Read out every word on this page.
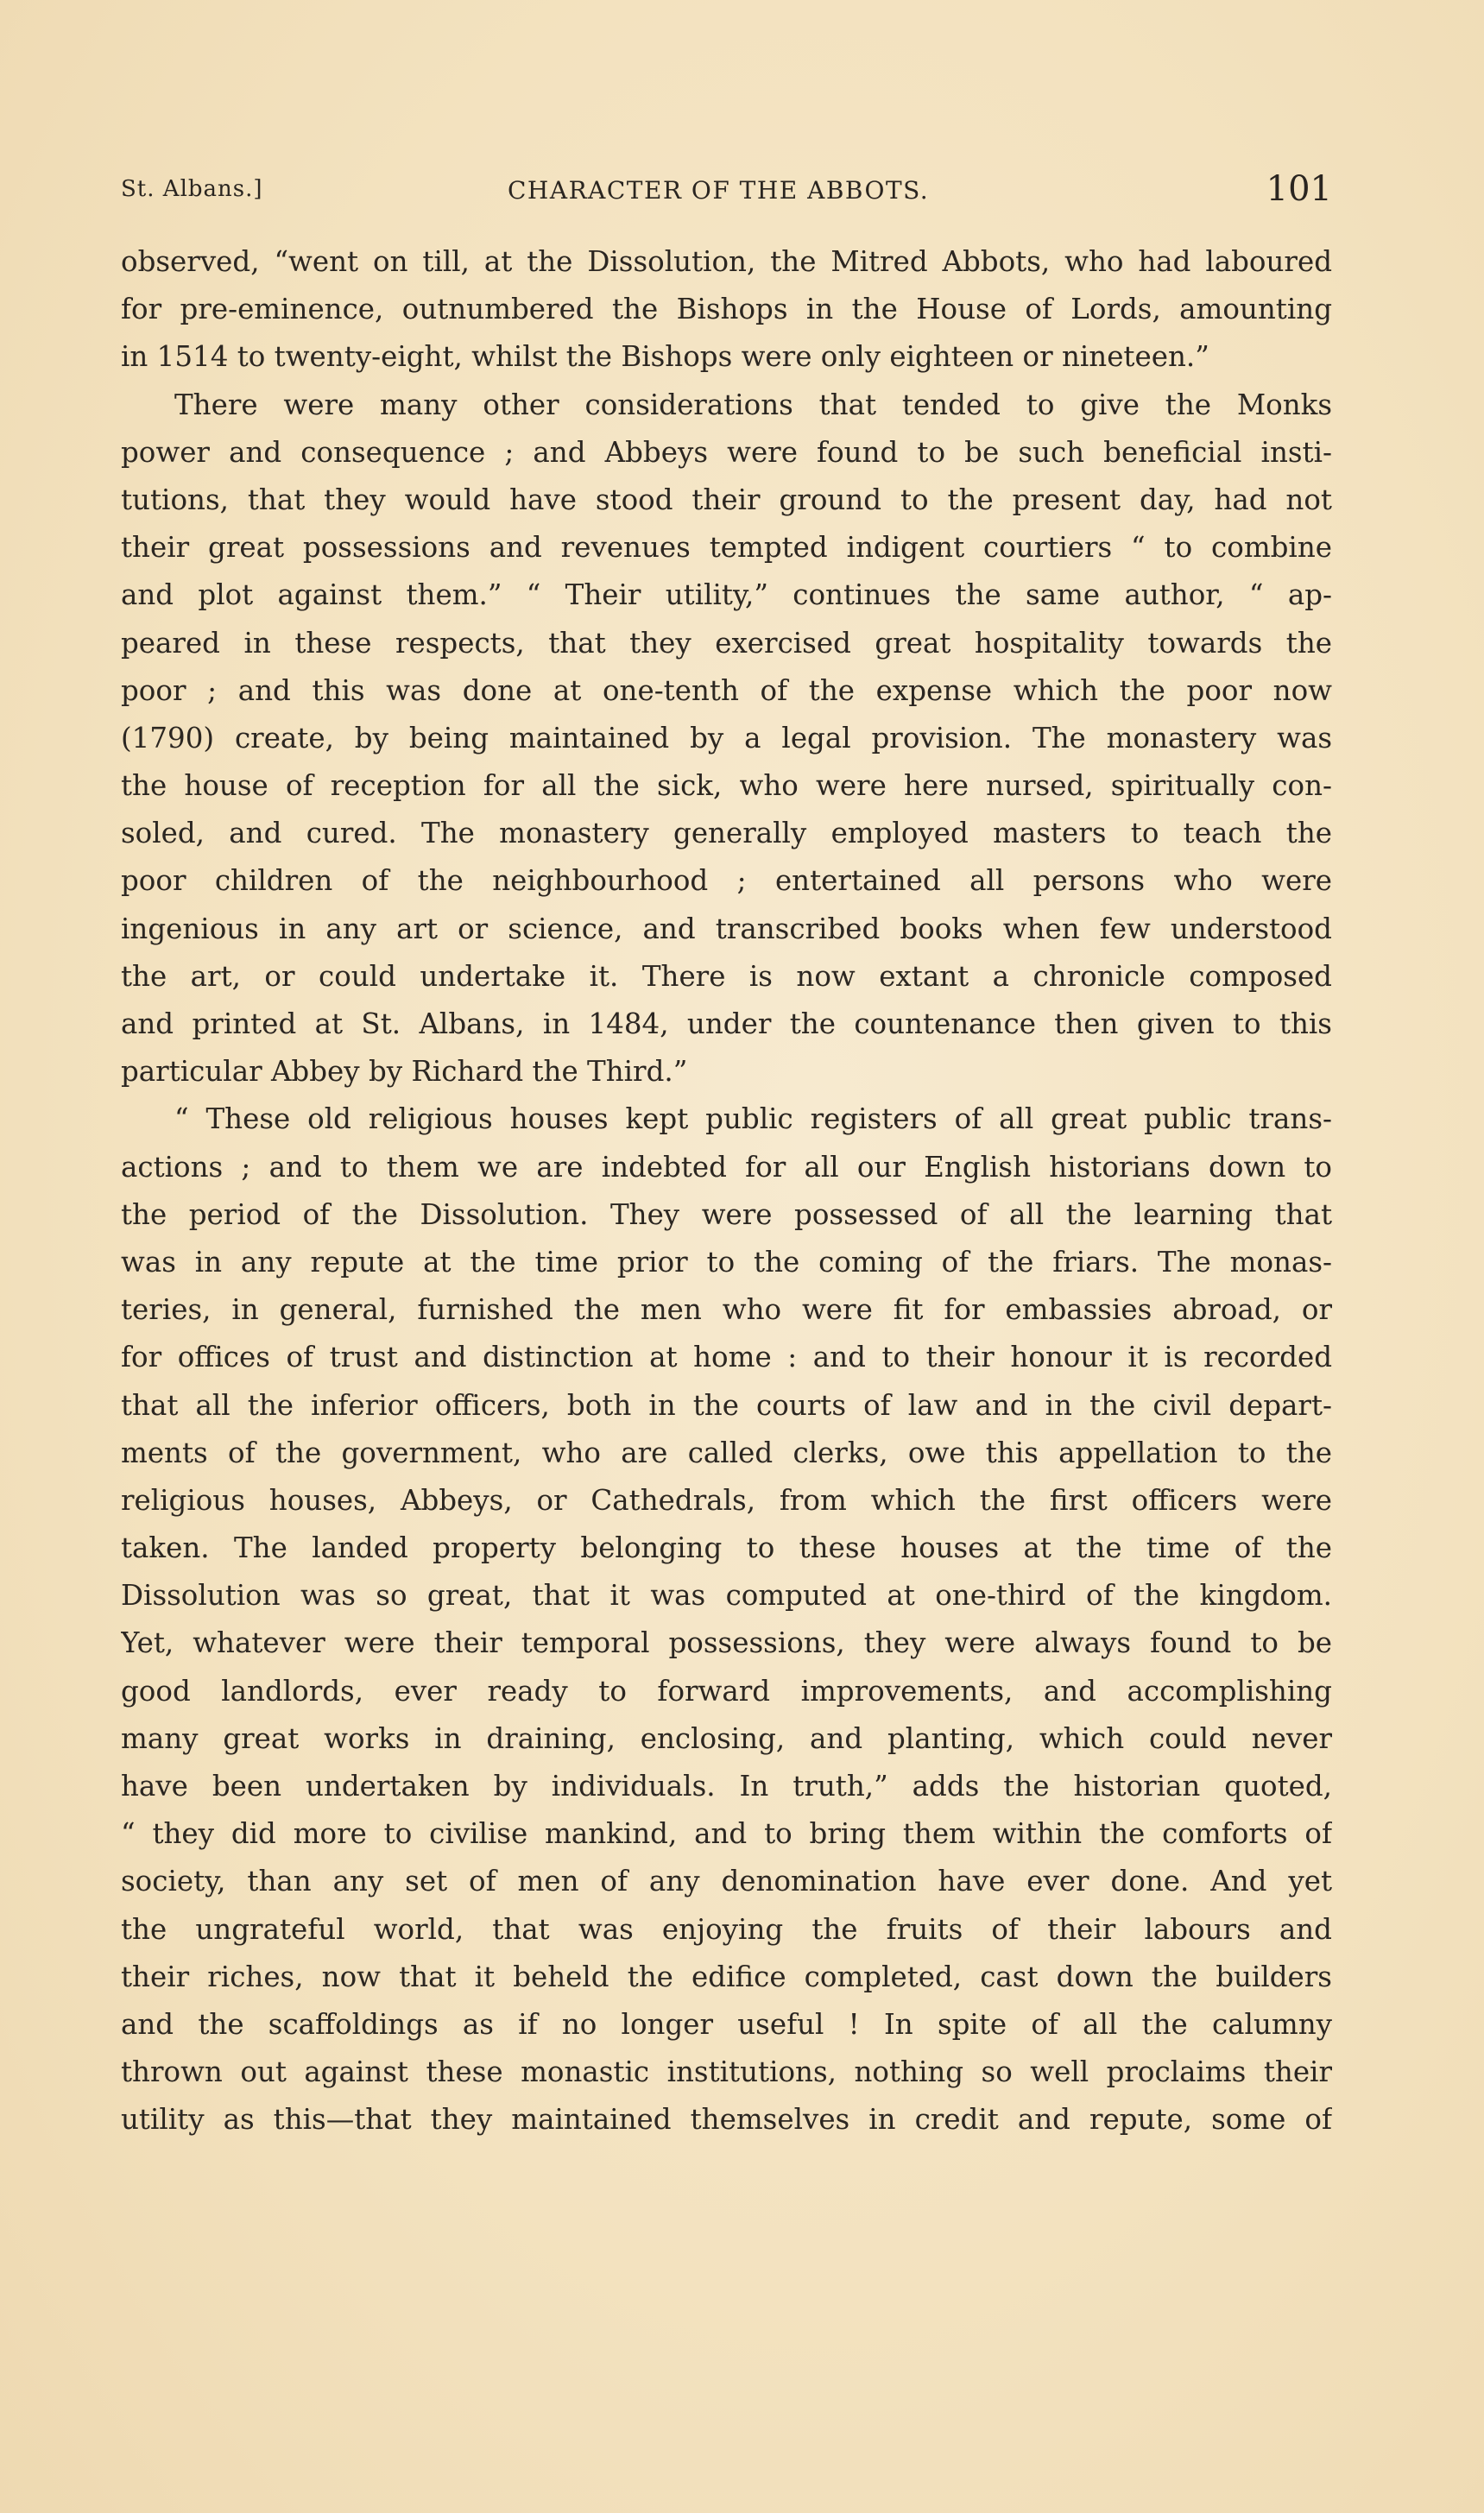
St. Albans.]	CHARACTER OF THE ABBOTS.	101
observed, “went on till, at the Dissolution, the Mitred Abbots, who had laboured
for pre-eminence, outnumbered the Bishops in the House of Lords, amounting
in 1514 to twenty-eight, whilst the Bishops were only eighteen or nineteen.”
There were many other considerations that tended to give the Monks
power and consequence ; and Abbeys were found to be such beneficial insti-
tutions, that they would have stood their ground to the present day, had not
their great possessions and revenues tempted indigent courtiers “ to combine
and plot against them.” “ Their utility,” continues the same author, “ ap-
peared in these respects, that they exercised great hospitality towards the
poor ; and this was done at one-tenth of the expense which the poor now
(1790) create, by being maintained by a legal provision. The monastery was
the house of reception for all the sick, who were here nursed, spiritually con-
soled, and cured. The monastery generally employed masters to teach the
poor children of the neighbourhood ; entertained all persons who were
ingenious in any art or science, and transcribed books when few understood
the art, or could undertake it. There is now extant a chronicle composed
and printed at St. Albans, in 1484, under the countenance then given to this
particular Abbey by Richard the Third.”
“ These old religious houses kept public registers of all great public trans-
actions ; and to them we are indebted for all our English historians down to
the period of the Dissolution. They were possessed of all the learning that
was in any repute at the time prior to the coming of the friars. The monas-
teries, in general, furnished the men who were fit for embassies abroad, or
for offices of trust and distinction at home : and to their honour it is recorded
that all the inferior officers, both in the courts of law and in the civil depart-
ments of the government, who are called clerks, owe this appellation to the
religious houses, Abbeys, or Cathedrals, from which the first officers were
taken. The landed property belonging to these houses at the time of the
Dissolution was so great, that it was computed at one-third of the kingdom.
Yet, whatever were their temporal possessions, they were always found to be
good landlords, ever ready to forward improvements, and accomplishing
many great works in draining, enclosing, and planting, which could never
have been undertaken by individuals. In truth,” adds the historian quoted,
“ they did more to civilise mankind, and to bring them within the comforts of
society, than any set of men of any denomination have ever done. And yet
the ungrateful world, that was enjoying the fruits of their labours and
their riches, now that it beheld the edifice completed, cast down the builders
and the scaffoldings as if no longer useful ! In spite of all the calumny
thrown out against these monastic institutions, nothing so well proclaims their
utility as this—that they maintained themselves in credit and repute, some of
